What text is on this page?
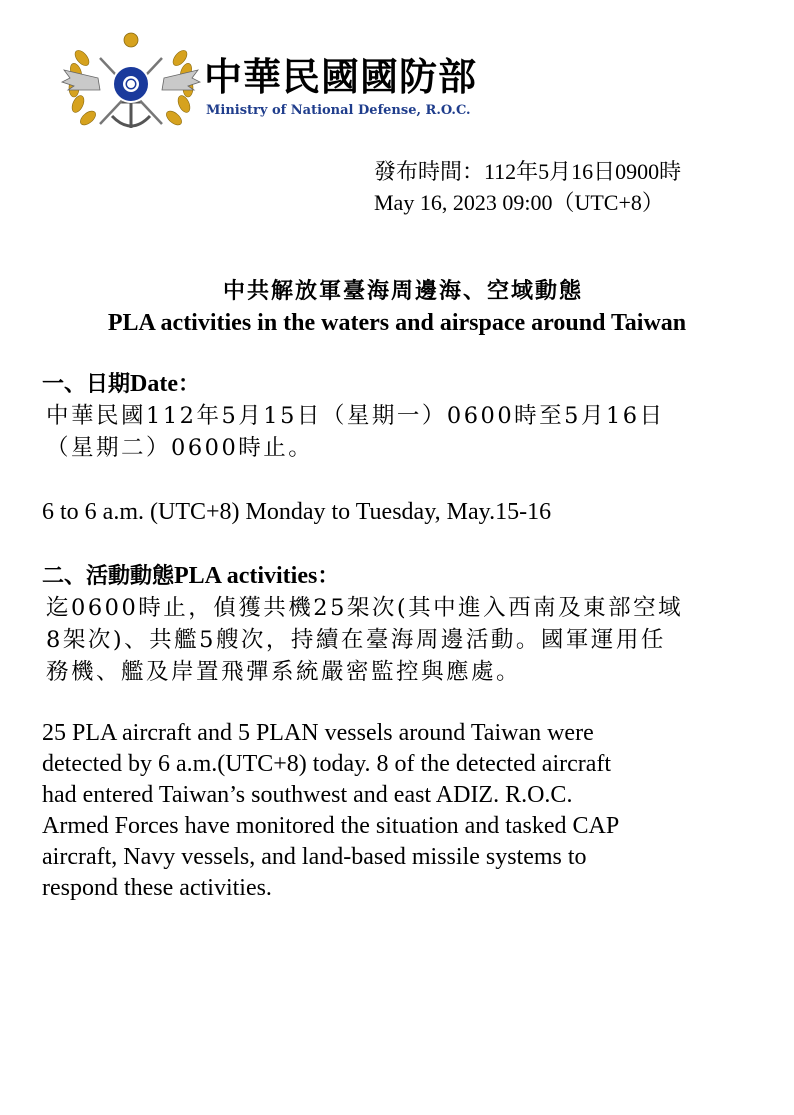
中華民國國防部
Ministry of National Defense, R.O.C.
發布時間：112年5月16日0900時
May 16, 2023 09:00（UTC+8）
中共解放軍臺海周邊海、空域動態
PLA activities in the waters and airspace around Taiwan
一、日期Date：
中華民國112年5月15日（星期一）0600時至5月16日
（星期二）0600時止。
6 to 6 a.m. (UTC+8) Monday to Tuesday, May.15-16
二、活動動態PLA activities：
迄0600時止，偵獲共機25架次(其中進入西南及東部空域
8架次)、共艦5艘次，持續在臺海周邊活動。國軍運用任
務機、艦及岸置飛彈系統嚴密監控與應處。
25 PLA aircraft and 5 PLAN vessels around Taiwan were
detected by 6 a.m.(UTC+8) today. 8 of the detected aircraft
had entered Taiwan’s southwest and east ADIZ. R.O.C.
Armed Forces have monitored the situation and tasked CAP
aircraft, Navy vessels, and land-based missile systems to
respond these activities.
